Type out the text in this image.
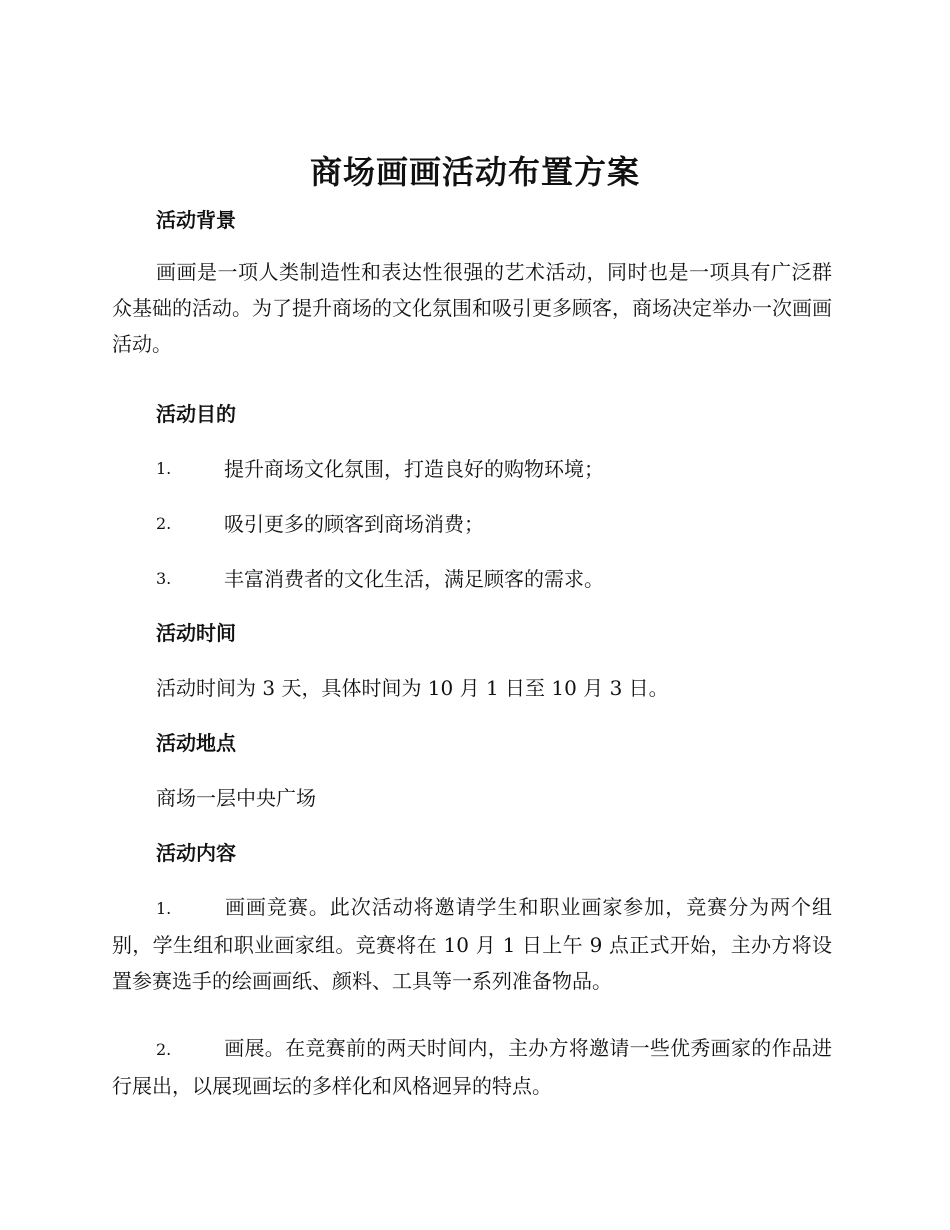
商场画画活动布置方案
活动背景

画画是一项人类制造性和表达性很强的艺术活动，同时也是一项具有广泛群众基础的活动。为了提升商场的文化氛围和吸引更多顾客，商场决定举办一次画画活动。

活动目的
1.	提升商场文化氛围，打造良好的购物环境；
2.	吸引更多的顾客到商场消费；
3.	丰富消费者的文化生活，满足顾客的需求。
活动时间
活动时间为 3 天，具体时间为 10 月 1 日至 10 月 3 日。
活动地点
商场一层中央广场
活动内容

1.	画画竞赛。此次活动将邀请学生和职业画家参加，竞赛分为两个组别，学生组和职业画家组。竞赛将在 10 月 1 日上午 9 点正式开始，主办方将设置参赛选手的绘画画纸、颜料、工具等一系列准备物品。

2.	画展。在竞赛前的两天时间内，主办方将邀请一些优秀画家的作品进行展出，以展现画坛的多样化和风格迥异的特点。
